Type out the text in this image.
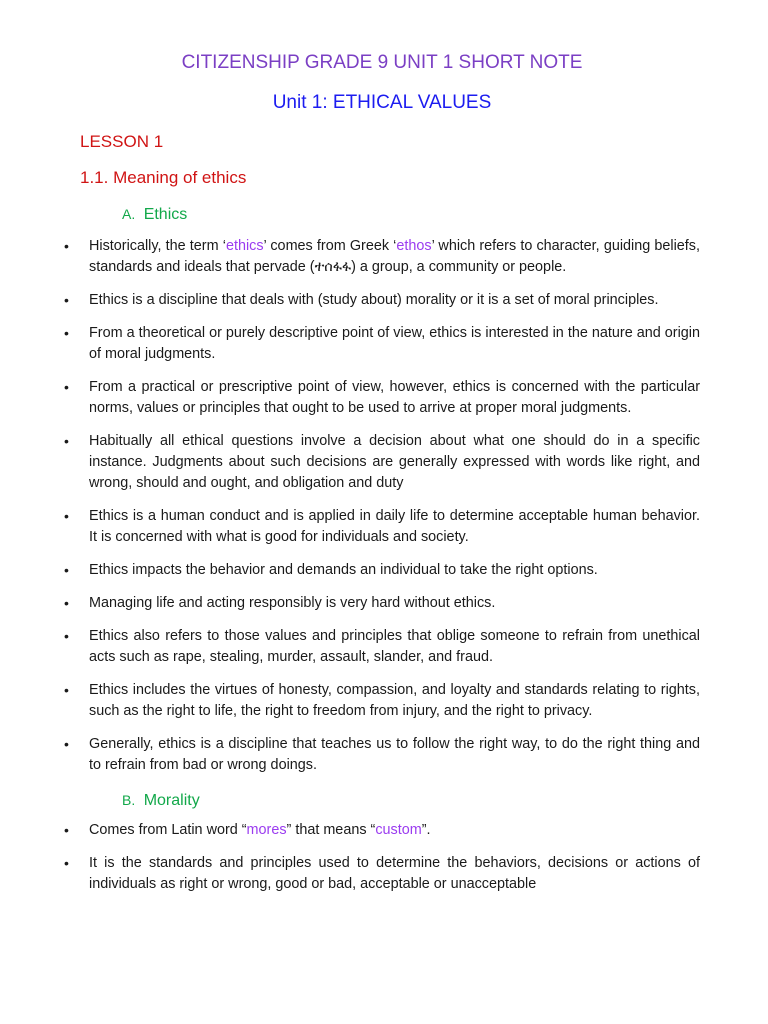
CITIZENSHIP GRADE 9 UNIT 1 SHORT NOTE
Unit 1: ETHICAL VALUES
LESSON 1
1.1. Meaning of ethics
A. Ethics
•	Historically, the term ‘ethics’ comes from Greek ‘ethos’ which refers to character, guiding beliefs, standards and ideals that pervade (ተሰፋፋ) a group, a community or people.
•	Ethics is a discipline that deals with (study about) morality or it is a set of moral principles.
•	From a theoretical or purely descriptive point of view, ethics is interested in the nature and origin of moral judgments.
•	From a practical or prescriptive point of view, however, ethics is concerned with the particular norms, values or principles that ought to be used to arrive at proper moral judgments.
•	Habitually all ethical questions involve a decision about what one should do in a specific instance. Judgments about such decisions are generally expressed with words like right, and wrong, should and ought, and obligation and duty
•	Ethics is a human conduct and is applied in daily life to determine acceptable human behavior. It is concerned with what is good for individuals and society.
•	Ethics impacts the behavior and demands an individual to take the right options.
•	Managing life and acting responsibly is very hard without ethics.
•	Ethics also refers to those values and principles that oblige someone to refrain from unethical acts such as rape, stealing, murder, assault, slander, and fraud.
•	Ethics includes the virtues of honesty, compassion, and loyalty and standards relating to rights, such as the right to life, the right to freedom from injury, and the right to privacy.
•	Generally, ethics is a discipline that teaches us to follow the right way, to do the right thing and to refrain from bad or wrong doings.
B. Morality
•	Comes from Latin word “mores” that means “custom”.
•	It is the standards and principles used to determine the behaviors, decisions or actions of individuals as right or wrong, good or bad, acceptable or unacceptable
